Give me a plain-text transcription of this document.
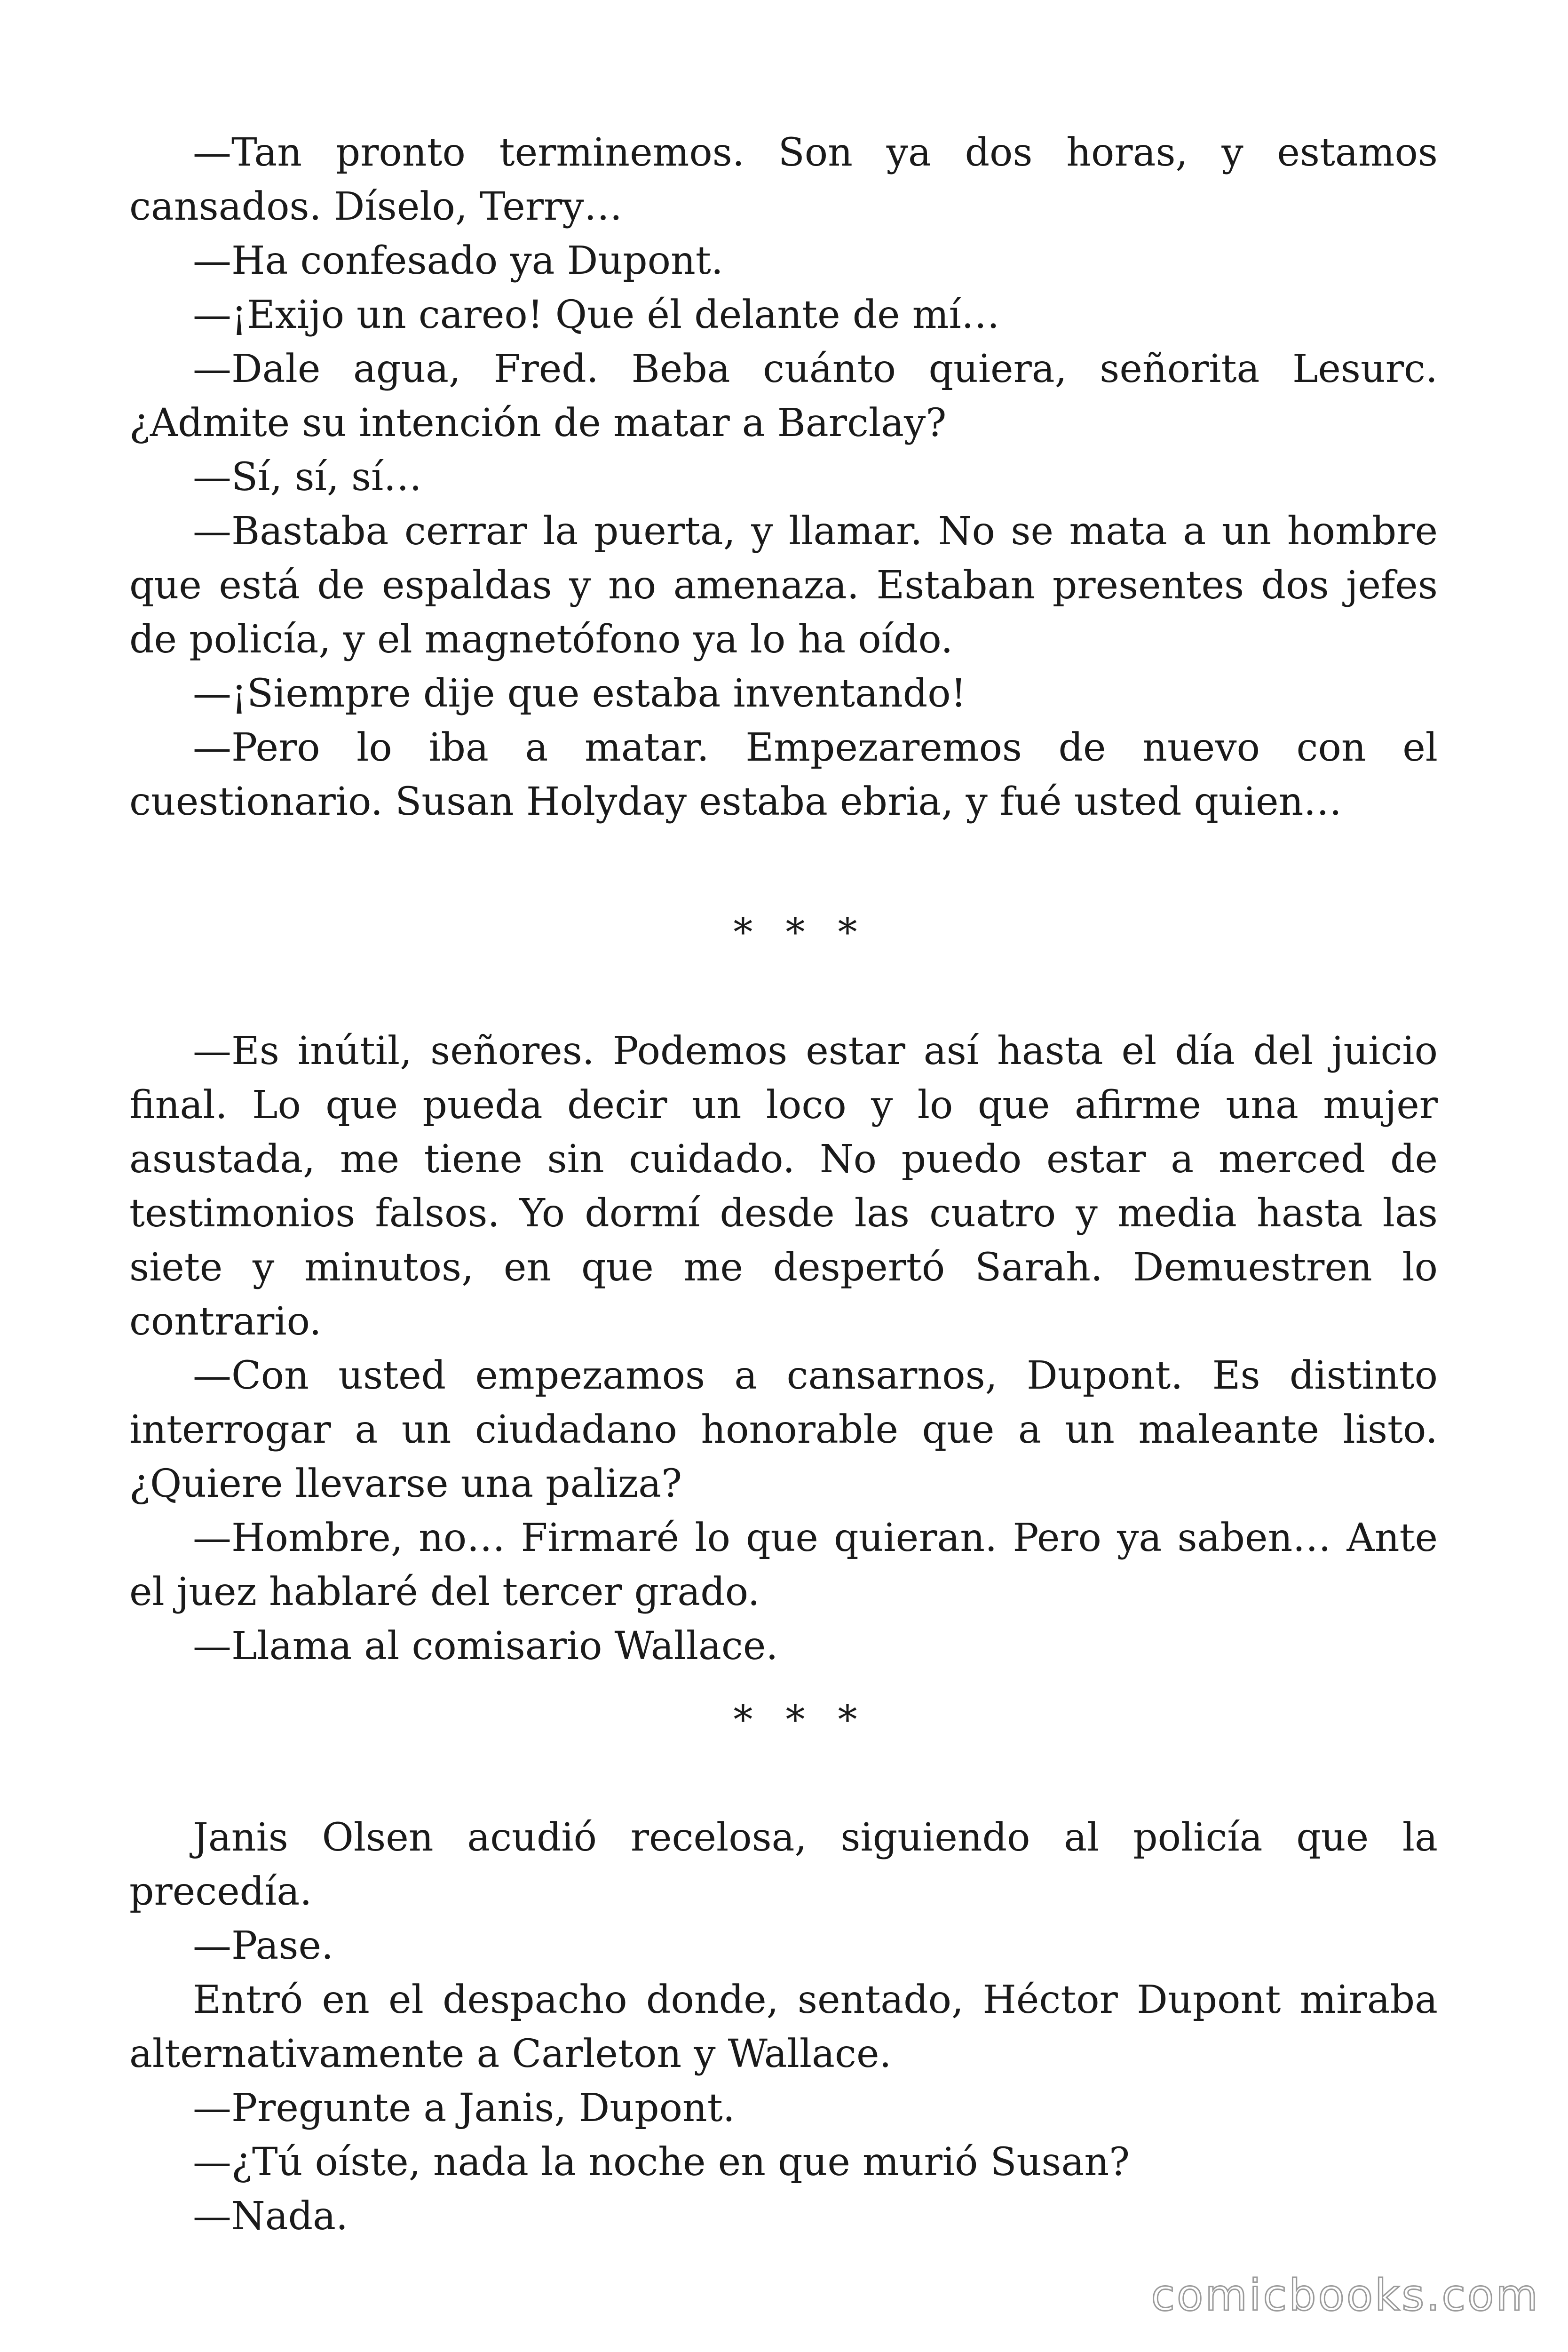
—Tan pronto terminemos. Son ya dos horas, y estamos cansados. Díselo, Terry…

—Ha confesado ya Dupont.

—¡Exijo un careo! Que él delante de mí…

—Dale agua, Fred. Beba cuánto quiera, señorita Lesurc. ¿Admite su intención de matar a Barclay?

—Sí, sí, sí…

—Bastaba cerrar la puerta, y llamar. No se mata a un hombre que está de espaldas y no amenaza. Estaban presentes dos jefes de policía, y el magnetófono ya lo ha oído.

—¡Siempre dije que estaba inventando!

—Pero lo iba a matar. Empezaremos de nuevo con el cuestionario. Susan Holyday estaba ebria, y fué usted quien…

* * *

—Es inútil, señores. Podemos estar así hasta el día del juicio final. Lo que pueda decir un loco y lo que afirme una mujer asustada, me tiene sin cuidado. No puedo estar a merced de testimonios falsos. Yo dormí desde las cuatro y media hasta las siete y minutos, en que me despertó Sarah. Demuestren lo contrario.

—Con usted empezamos a cansarnos, Dupont. Es distinto interrogar a un ciudadano honorable que a un maleante listo. ¿Quiere llevarse una paliza?

—Hombre, no… Firmaré lo que quieran. Pero ya saben… Ante el juez hablaré del tercer grado.

—Llama al comisario Wallace.

* * *

Janis Olsen acudió recelosa, siguiendo al policía que la precedía.

—Pase.

Entró en el despacho donde, sentado, Héctor Dupont miraba alternativamente a Carleton y Wallace.

—Pregunte a Janis, Dupont.

—¿Tú oíste, nada la noche en que murió Susan?

—Nada.

comicbooks.com
